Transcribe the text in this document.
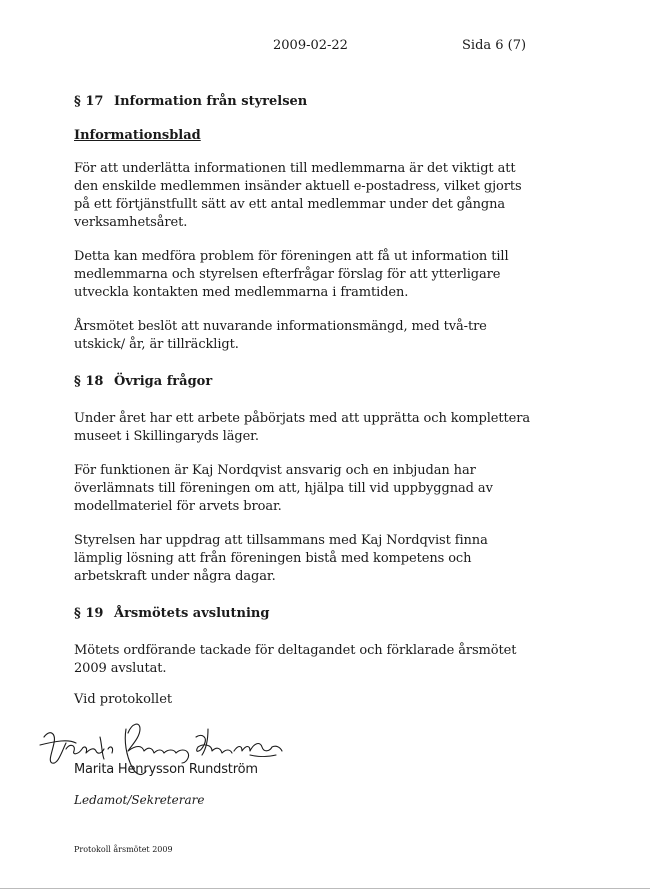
2009-02-22	Sida 6 (7)
§ 17 Information från styrelsen
Informationsblad

För att underlätta informationen till medlemmarna är det viktigt att den enskilde medlemmen insänder aktuell e-postadress, vilket gjorts på ett förtjänstfullt sätt av ett antal medlemmar under det gångna verksamhetsåret.

Detta kan medföra problem för föreningen att få ut information till medlemmarna och styrelsen efterfrågar förslag för att ytterligare utveckla kontakten med medlemmarna i framtiden.

Årsmötet beslöt att nuvarande informationsmängd, med två-tre utskick/ år, är tillräckligt.

§ 18 Övriga frågor

Under året har ett arbete påbörjats med att upprätta och komplettera museet i Skillingaryds läger.

För funktionen är Kaj Nordqvist ansvarig och en inbjudan har överlämnats till föreningen om att, hjälpa till vid uppbyggnad av modellmateriel för arvets broar.

Styrelsen har uppdrag att tillsammans med Kaj Nordqvist finna lämplig lösning att från föreningen bistå med kompetens och arbetskraft under några dagar.

§ 19 Årsmötets avslutning

Mötets ordförande tackade för deltagandet och förklarade årsmötet 2009 avslutat.

Vid protokollet
Marita Henrysson Rundström
Ledamot/Sekreterare
Protokoll årsmötet 2009
